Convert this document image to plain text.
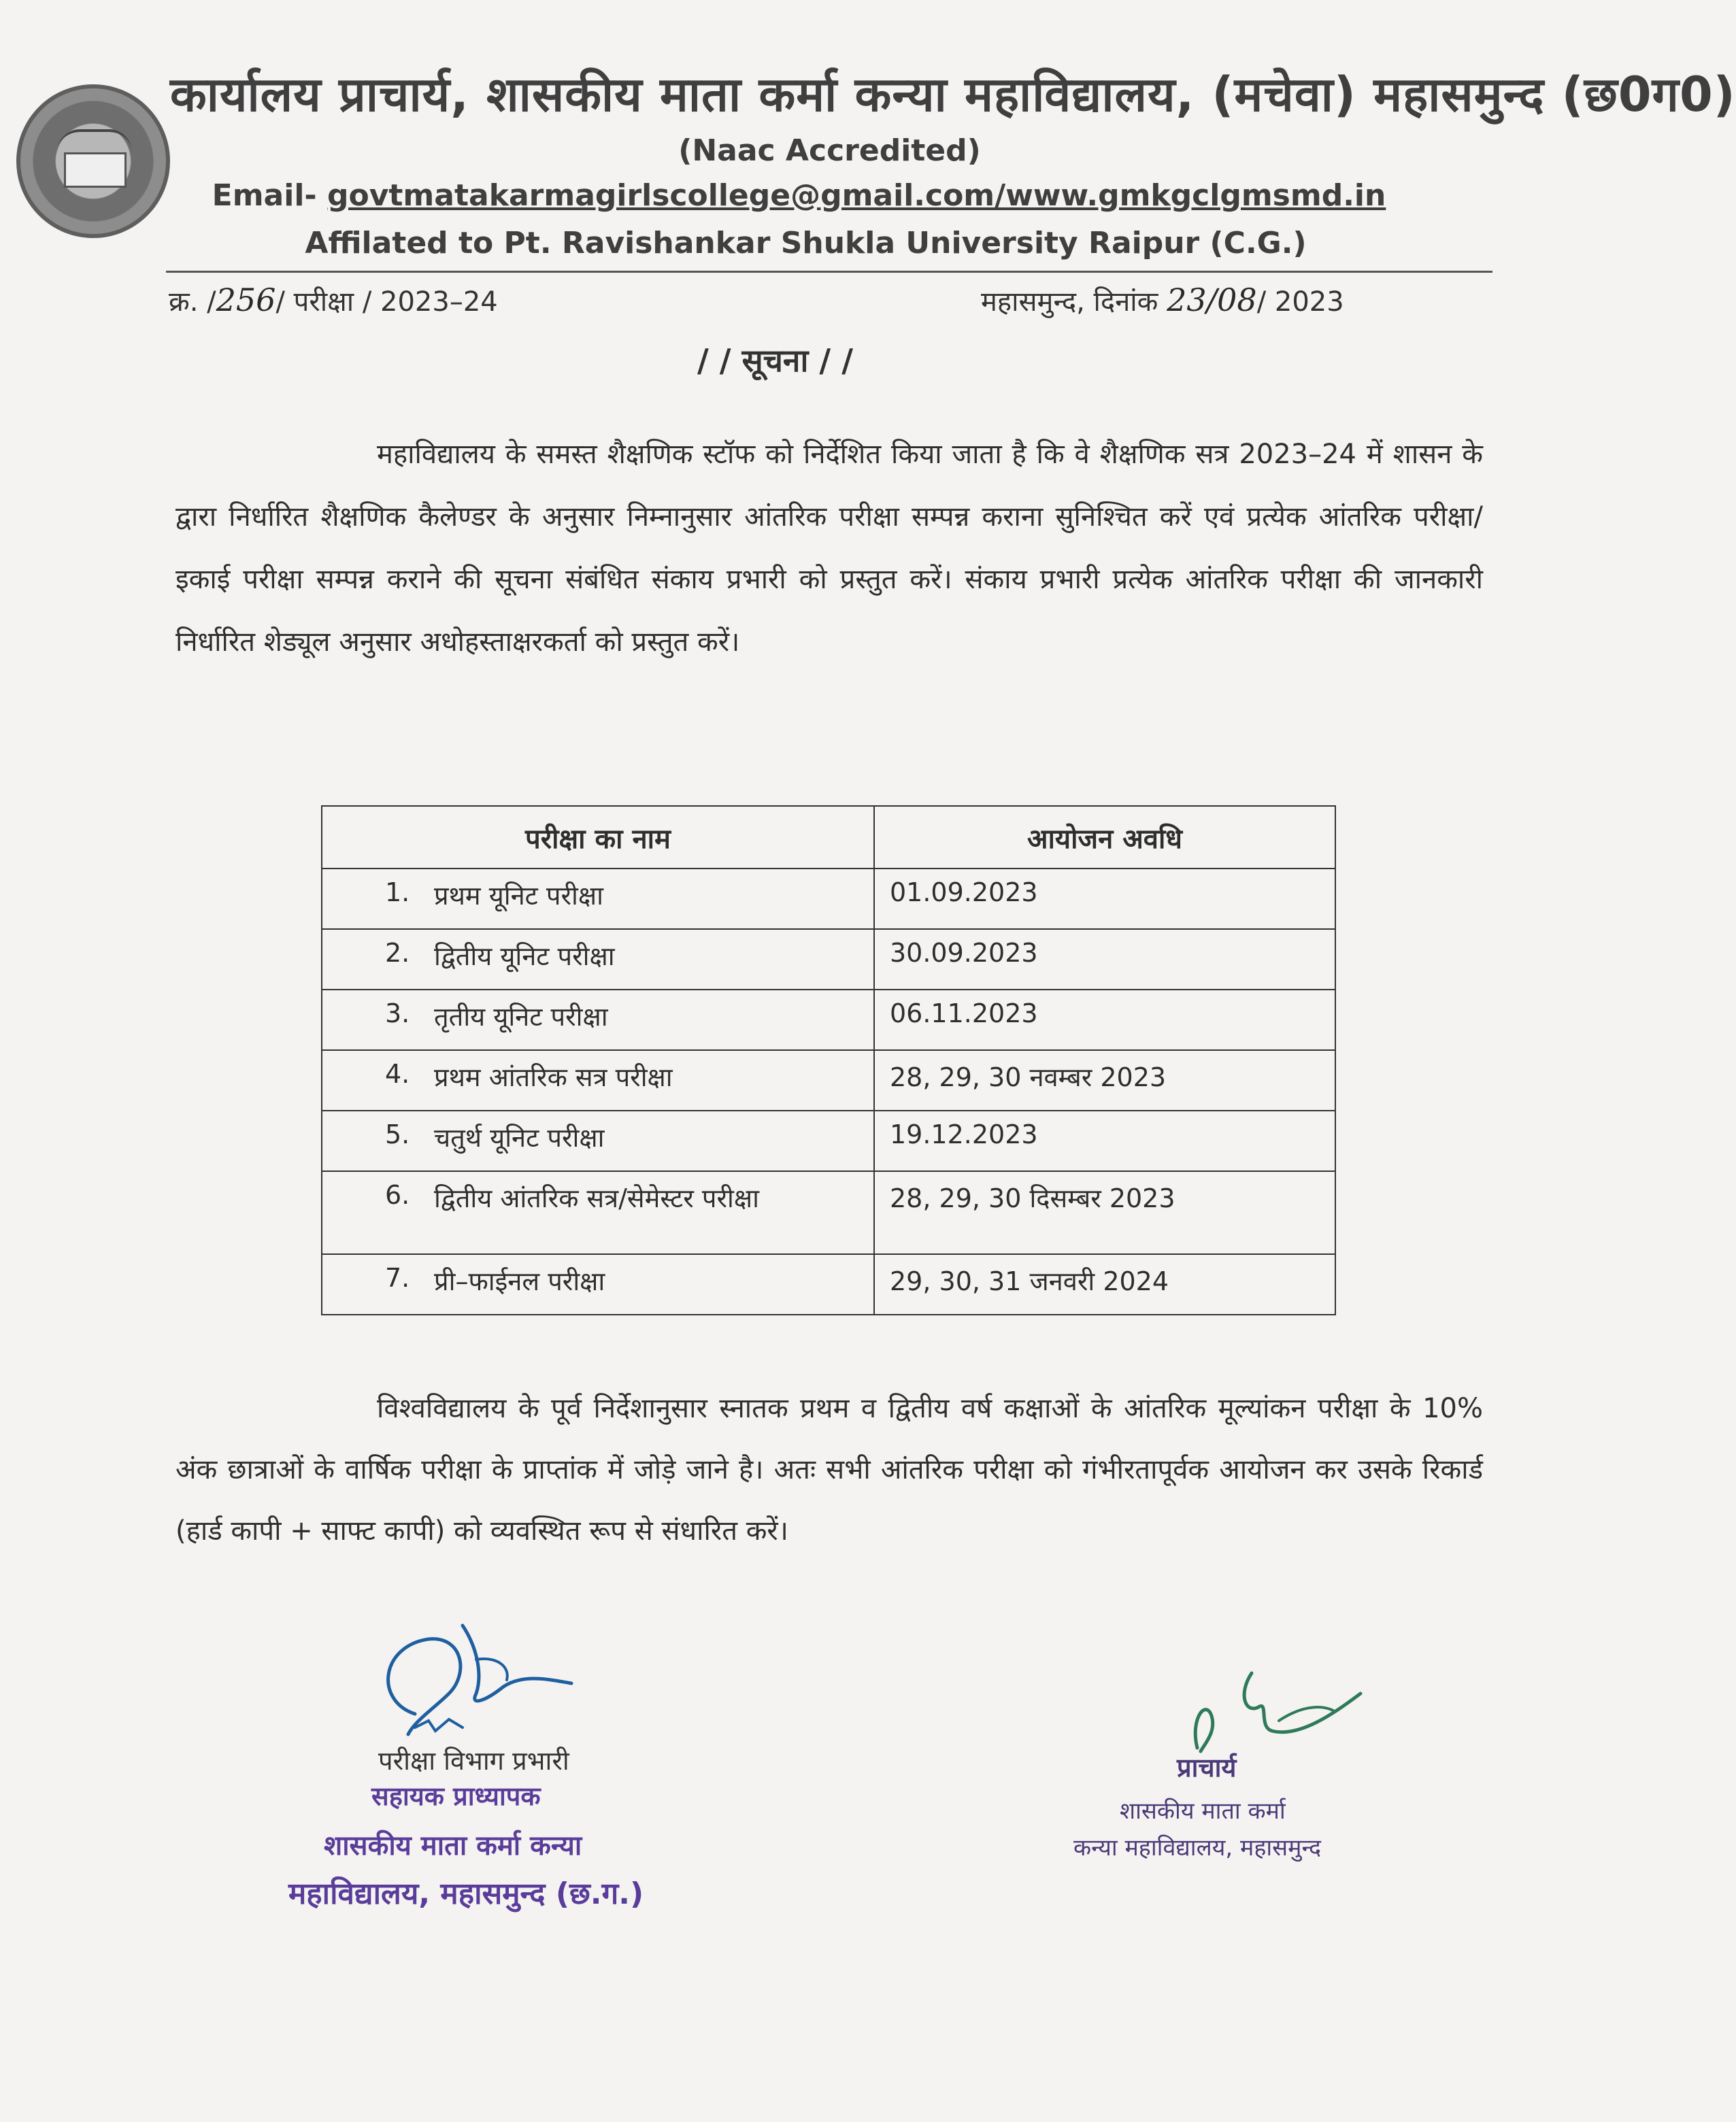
कार्यालय प्राचार्य, शासकीय माता कर्मा कन्या महाविद्यालय, (मचेवा) महासमुन्द (छ0ग0)
(Naac Accredited)
Email- govtmatakarmagirlscollege@gmail.com/www.gmkgclgmsmd.in
Affilated to Pt. Ravishankar Shukla University Raipur (C.G.)
क्र. /256/ परीक्षा / 2023–24	महासमुन्द, दिनांक 23/08/ 2023
/ / सूचना / /
महाविद्यालय के समस्त शैक्षणिक स्टॉफ को निर्देशित किया जाता है कि वे शैक्षणिक सत्र 2023–24 में शासन के द्वारा निर्धारित शैक्षणिक कैलेण्डर के अनुसार निम्नानुसार आंतरिक परीक्षा सम्पन्न कराना सुनिश्चित करें एवं प्रत्येक आंतरिक परीक्षा/ इकाई परीक्षा सम्पन्न कराने की सूचना संबंधित संकाय प्रभारी को प्रस्तुत करें। संकाय प्रभारी प्रत्येक आंतरिक परीक्षा की जानकारी निर्धारित शेड्यूल अनुसार अधोहस्ताक्षरकर्ता को प्रस्तुत करें।
परीक्षा का नाम	आयोजन अवधि

1. प्रथम यूनिट परीक्षा	01.09.2023

2. द्वितीय यूनिट परीक्षा	30.09.2023

3. तृतीय यूनिट परीक्षा	06.11.2023

4. प्रथम आंतरिक सत्र परीक्षा	28, 29, 30 नवम्बर 2023

5. चतुर्थ यूनिट परीक्षा	19.12.2023

6. द्वितीय आंतरिक सत्र/सेमेस्टर परीक्षा	28, 29, 30 दिसम्बर 2023

7. प्री–फाईनल परीक्षा	29, 30, 31 जनवरी 2024
विश्वविद्यालय के पूर्व निर्देशानुसार स्नातक प्रथम व द्वितीय वर्ष कक्षाओं के आंतरिक मूल्यांकन परीक्षा के 10% अंक छात्राओं के वार्षिक परीक्षा के प्राप्तांक में जोड़े जाने है। अतः सभी आंतरिक परीक्षा को गंभीरतापूर्वक आयोजन कर उसके रिकार्ड (हार्ड कापी + साफ्ट कापी) को व्यवस्थित रूप से संधारित करें।
परीक्षा विभाग प्रभारी
सहायक प्राध्यापक
शासकीय माता कर्मा कन्या
महाविद्यालय, महासमुन्द (छ.ग.)
प्राचार्य
शासकीय माता कर्मा
कन्या महाविद्यालय, महासमुन्द
